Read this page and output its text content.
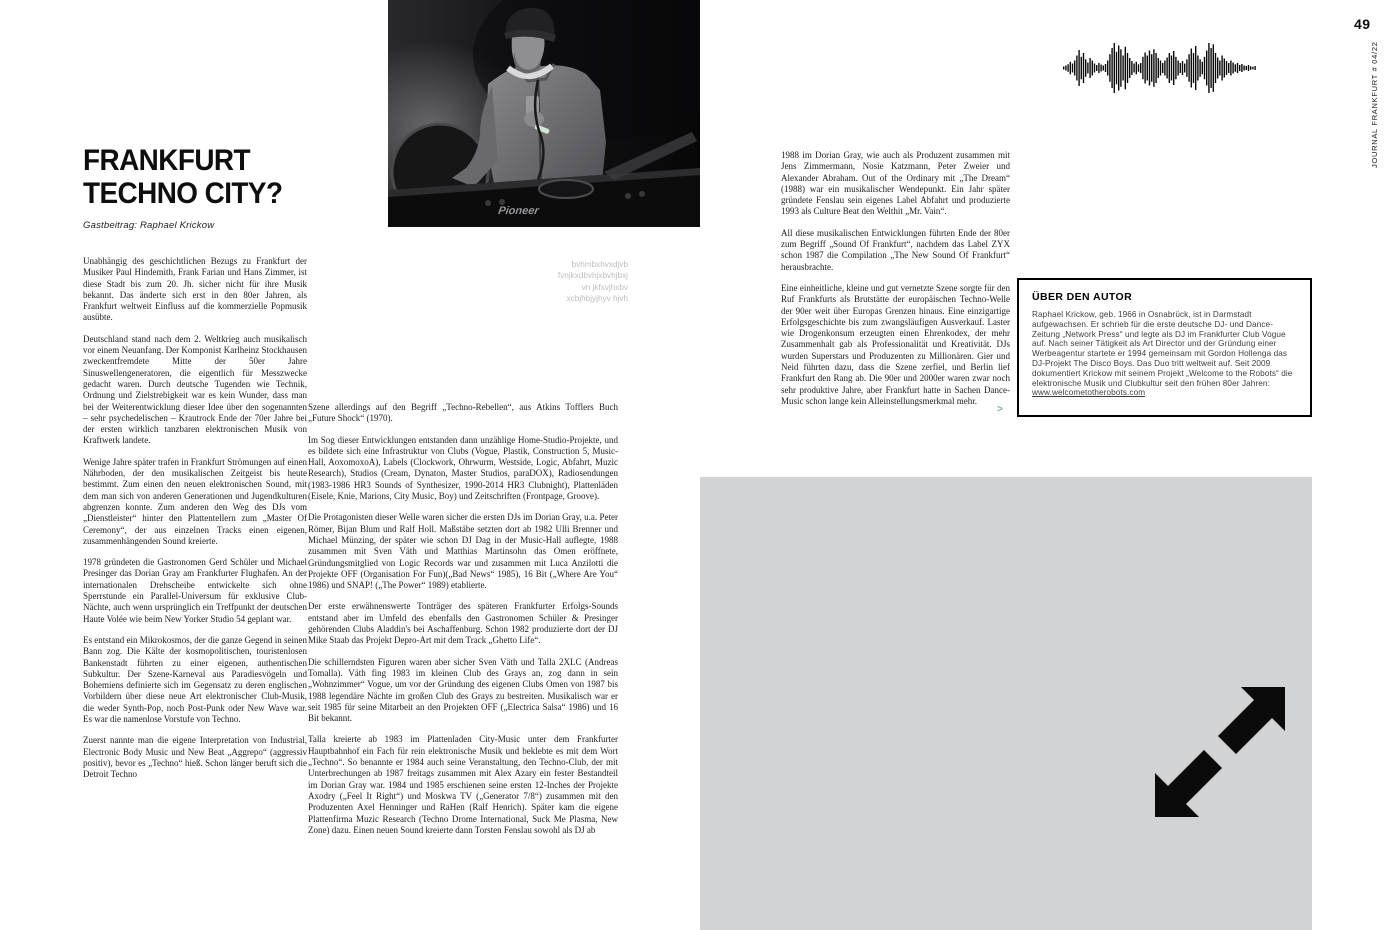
Pioneer
bvhmbxhvxdjvb
fvnjkxdbvhjxbvhjbxj
vn jkfxvjhxbv
xcbjhbjyjhyv hjvh
FRANKFURT
TECHNO CITY?
Gastbeitrag: Raphael Krickow

Unabhängig des geschichtlichen Bezugs zu Frankfurt der Musiker Paul Hindemith, Frank Farian und Hans Zimmer, ist diese Stadt bis zum 20. Jh. sicher nicht für ihre Musik bekannt. Das änderte sich erst in den 80er Jahren, als Frankfurt weltweit Einfluss auf die kommerzielle Popmusik ausübte.

Deutschland stand nach dem 2. Weltkrieg auch musikalisch vor einem Neuanfang. Der Komponist Karlheinz Stockhausen zweckentfremdete Mitte der 50er Jahre Sinuswellengeneratoren, die eigentlich für Messzwecke gedacht waren. Durch deutsche Tugenden wie Technik, Ordnung und Zielstrebigkeit war es kein Wunder, dass man bei der Weiterentwicklung dieser Idee über den sogenannten – sehr psychedelischen – Krautrock Ende der 70er Jahre bei der ersten wirklich tanzbaren elektronischen Musik von Kraftwerk landete.

Wenige Jahre später trafen in Frankfurt Strömungen auf einen Nährboden, der den musikalischen Zeitgeist bis heute bestimmt. Zum einen den neuen elektronischen Sound, mit dem man sich von anderen Generationen und Jugendkulturen abgrenzen konnte. Zum anderen den Weg des DJs vom „Dienstleister“ hinter den Plattentellern zum „Master Of Ceremony“, der aus einzelnen Tracks einen eigenen, zusammenhängenden Sound kreierte.

1978 gründeten die Gastronomen Gerd Schüler und Michael Presinger das Dorian Gray am Frankfurter Flughafen. An der internationalen Drehscheibe entwickelte sich ohne Sperrstunde ein Parallel-Universum für exklusive Club-Nächte, auch wenn ursprünglich ein Treffpunkt der deutschen Haute Volée wie beim New Yorker Studio 54 geplant war.

Es entstand ein Mikrokosmos, der die ganze Gegend in seinen Bann zog. Die Kälte der kosmopolitischen, touristenlosen Bankenstadt führten zu einer eigenen, authentischen Subkultur. Der Szene-Karneval aus Paradiesvögeln und Bohemiens definierte sich im Gegensatz zu deren englischen Vorbildern über diese neue Art elektronischer Club-Musik, die weder Synth-Pop, noch Post-Punk oder New Wave war. Es war die namenlose Vorstufe von Techno.

Zuerst nannte man die eigene Interpretation von Industrial, Electronic Body Music und New Beat „Aggrepo“ (aggressiv positiv), bevor es „Techno“ hieß. Schon länger beruft sich die Detroit Techno

Szene allerdings auf den Begriff „Techno-Rebellen“, aus Atkins Tofflers Buch „Future Shock“ (1970).

Im Sog dieser Entwicklungen entstanden dann unzählige Home-Studio-Projekte, und es bildete sich eine Infrastruktur von Clubs (Vogue, Plastik, Construction 5, Music-Hall, AoxomoxoA), Labels (Clockwork, Ohrwurm, Westside, Logic, Abfahrt, Muzic Research), Studios (Cream, Dynaton, Master Studios, paraDOX), Radiosendungen (1983-1986 HR3 Sounds of Synthesizer, 1990-2014 HR3 Clubnight), Plattenläden (Eisele, Knie, Marions, City Music, Boy) und Zeitschriften (Frontpage, Groove).

Die Protagonisten dieser Welle waren sicher die ersten DJs im Dorian Gray, u.a. Peter Römer, Bijan Blum und Ralf Holl. Maßstäbe setzten dort ab 1982 Ulli Brenner und Michael Münzing, der später wie schon DJ Dag in der Music-Hall auflegte, 1988 zusammen mit Sven Väth und Matthias Martinsohn das Omen eröffnete, Gründungsmitglied von Logic Records war und zusammen mit Luca Anzilotti die Projekte OFF (Organisation For Fun)(„Bad News“ 1985), 16 Bit („Where Are You“ 1986) und SNAP! („The Power“ 1989) etablierte.

Der erste erwähnenswerte Tonträger des späteren Frankfurter Erfolgs-Sounds entstand aber im Umfeld des ebenfalls den Gastronomen Schüler & Presinger gehörenden Clubs Aladdin's bei Aschaffenburg. Schon 1982 produzierte dort der DJ Mike Staab das Projekt Depro-Art mit dem Track „Ghetto Life“.

Die schillerndsten Figuren waren aber sicher Sven Väth und Talla 2XLC (Andreas Tomalla). Väth fing 1983 im kleinen Club des Grays an, zog dann in sein „Wohnzimmer“ Vogue, um vor der Gründung des eigenen Clubs Omen von 1987 bis 1988 legendäre Nächte im großen Club des Grays zu bestreiten. Musikalisch war er seit 1985 für seine Mitarbeit an den Projekten OFF („Electrica Salsa“ 1986) und 16 Bit bekannt.

Talla kreierte ab 1983 im Plattenladen City-Music unter dem Frankfurter Hauptbahnhof ein Fach für rein elektronische Musik und beklebte es mit dem Wort „Techno“. So benannte er 1984 auch seine Veranstaltung, den Techno-Club, der mit Unterbrechungen ab 1987 freitags zusammen mit Alex Azary ein fester Bestandteil im Dorian Gray war. 1984 und 1985 erschienen seine ersten 12-Inches der Projekte Axodry („Feel It Right“) und Moskwa TV („Generator 7/8“) zusammen mit den Produzenten Axel Henninger und RaHen (Ralf Henrich). Später kam die eigene Plattenfirma Muzic Research (Techno Drome International, Suck Me Plasma, New Zone) dazu. Einen neuen Sound kreierte dann Torsten Fenslau sowohl als DJ ab

1988 im Dorian Gray, wie auch als Produzent zusammen mit Jens Zimmermann, Nosie Katzmann, Peter Zweier und Alexander Abraham. Out of the Ordinary mit „The Dream“ (1988) war ein musikalischer Wendepunkt. Ein Jahr später gründete Fenslau sein eigenes Label Abfahrt und produzierte 1993 als Culture Beat den Welthit „Mr. Vain“.

All diese musikalischen Entwicklungen führten Ende der 80er zum Begriff „Sound Of Frankfurt“, nachdem das Label ZYX schon 1987 die Compilation „The New Sound Of Frankfurt“ herausbrachte.

Eine einheitliche, kleine und gut vernetzte Szene sorgte für den Ruf Frankfurts als Brutstätte der europäischen Techno-Welle der 90er weit über Europas Grenzen hinaus. Eine einzigartige Erfolgsgeschichte bis zum zwangsläufigen Ausverkauf. Laster wie Drogenkonsum erzeugten einen Ehrenkodex, der mehr Zusammenhalt gab als Professionalität und Kreativität. DJs wurden Superstars und Produzenten zu Millionären. Gier und Neid führten dazu, dass die Szene zerfiel, und Berlin lief Frankfurt den Rang ab. Die 90er und 2000er waren zwar noch sehr produktive Jahre, aber Frankfurt hatte in Sachen Dance-Music schon lange kein Alleinstellungsmerkmal mehr.

>
49
JOURNAL FRANKFURT # 04/22
ÜBER DEN AUTOR
Raphael Krickow, geb. 1966 in Osnabrück, ist in Darmstadt aufgewachsen. Er schrieb für die erste deutsche DJ- und Dance-Zeitung „Network Press“ und legte als DJ im Frankfurter Club Vogue auf. Nach seiner Tätigkeit als Art Director und der Gründung einer Werbeagentur startete er 1994 gemeinsam mit Gordon Hollenga das DJ-Projekt The Disco Boys. Das Duo tritt weltweit auf. Seit 2009 dokumentiert Krickow mit seinem Projekt „Welcome to the Robots“ die elektronische Musik und Clubkultur seit den frühen 80er Jahren:
www.welcometotherobots.com
